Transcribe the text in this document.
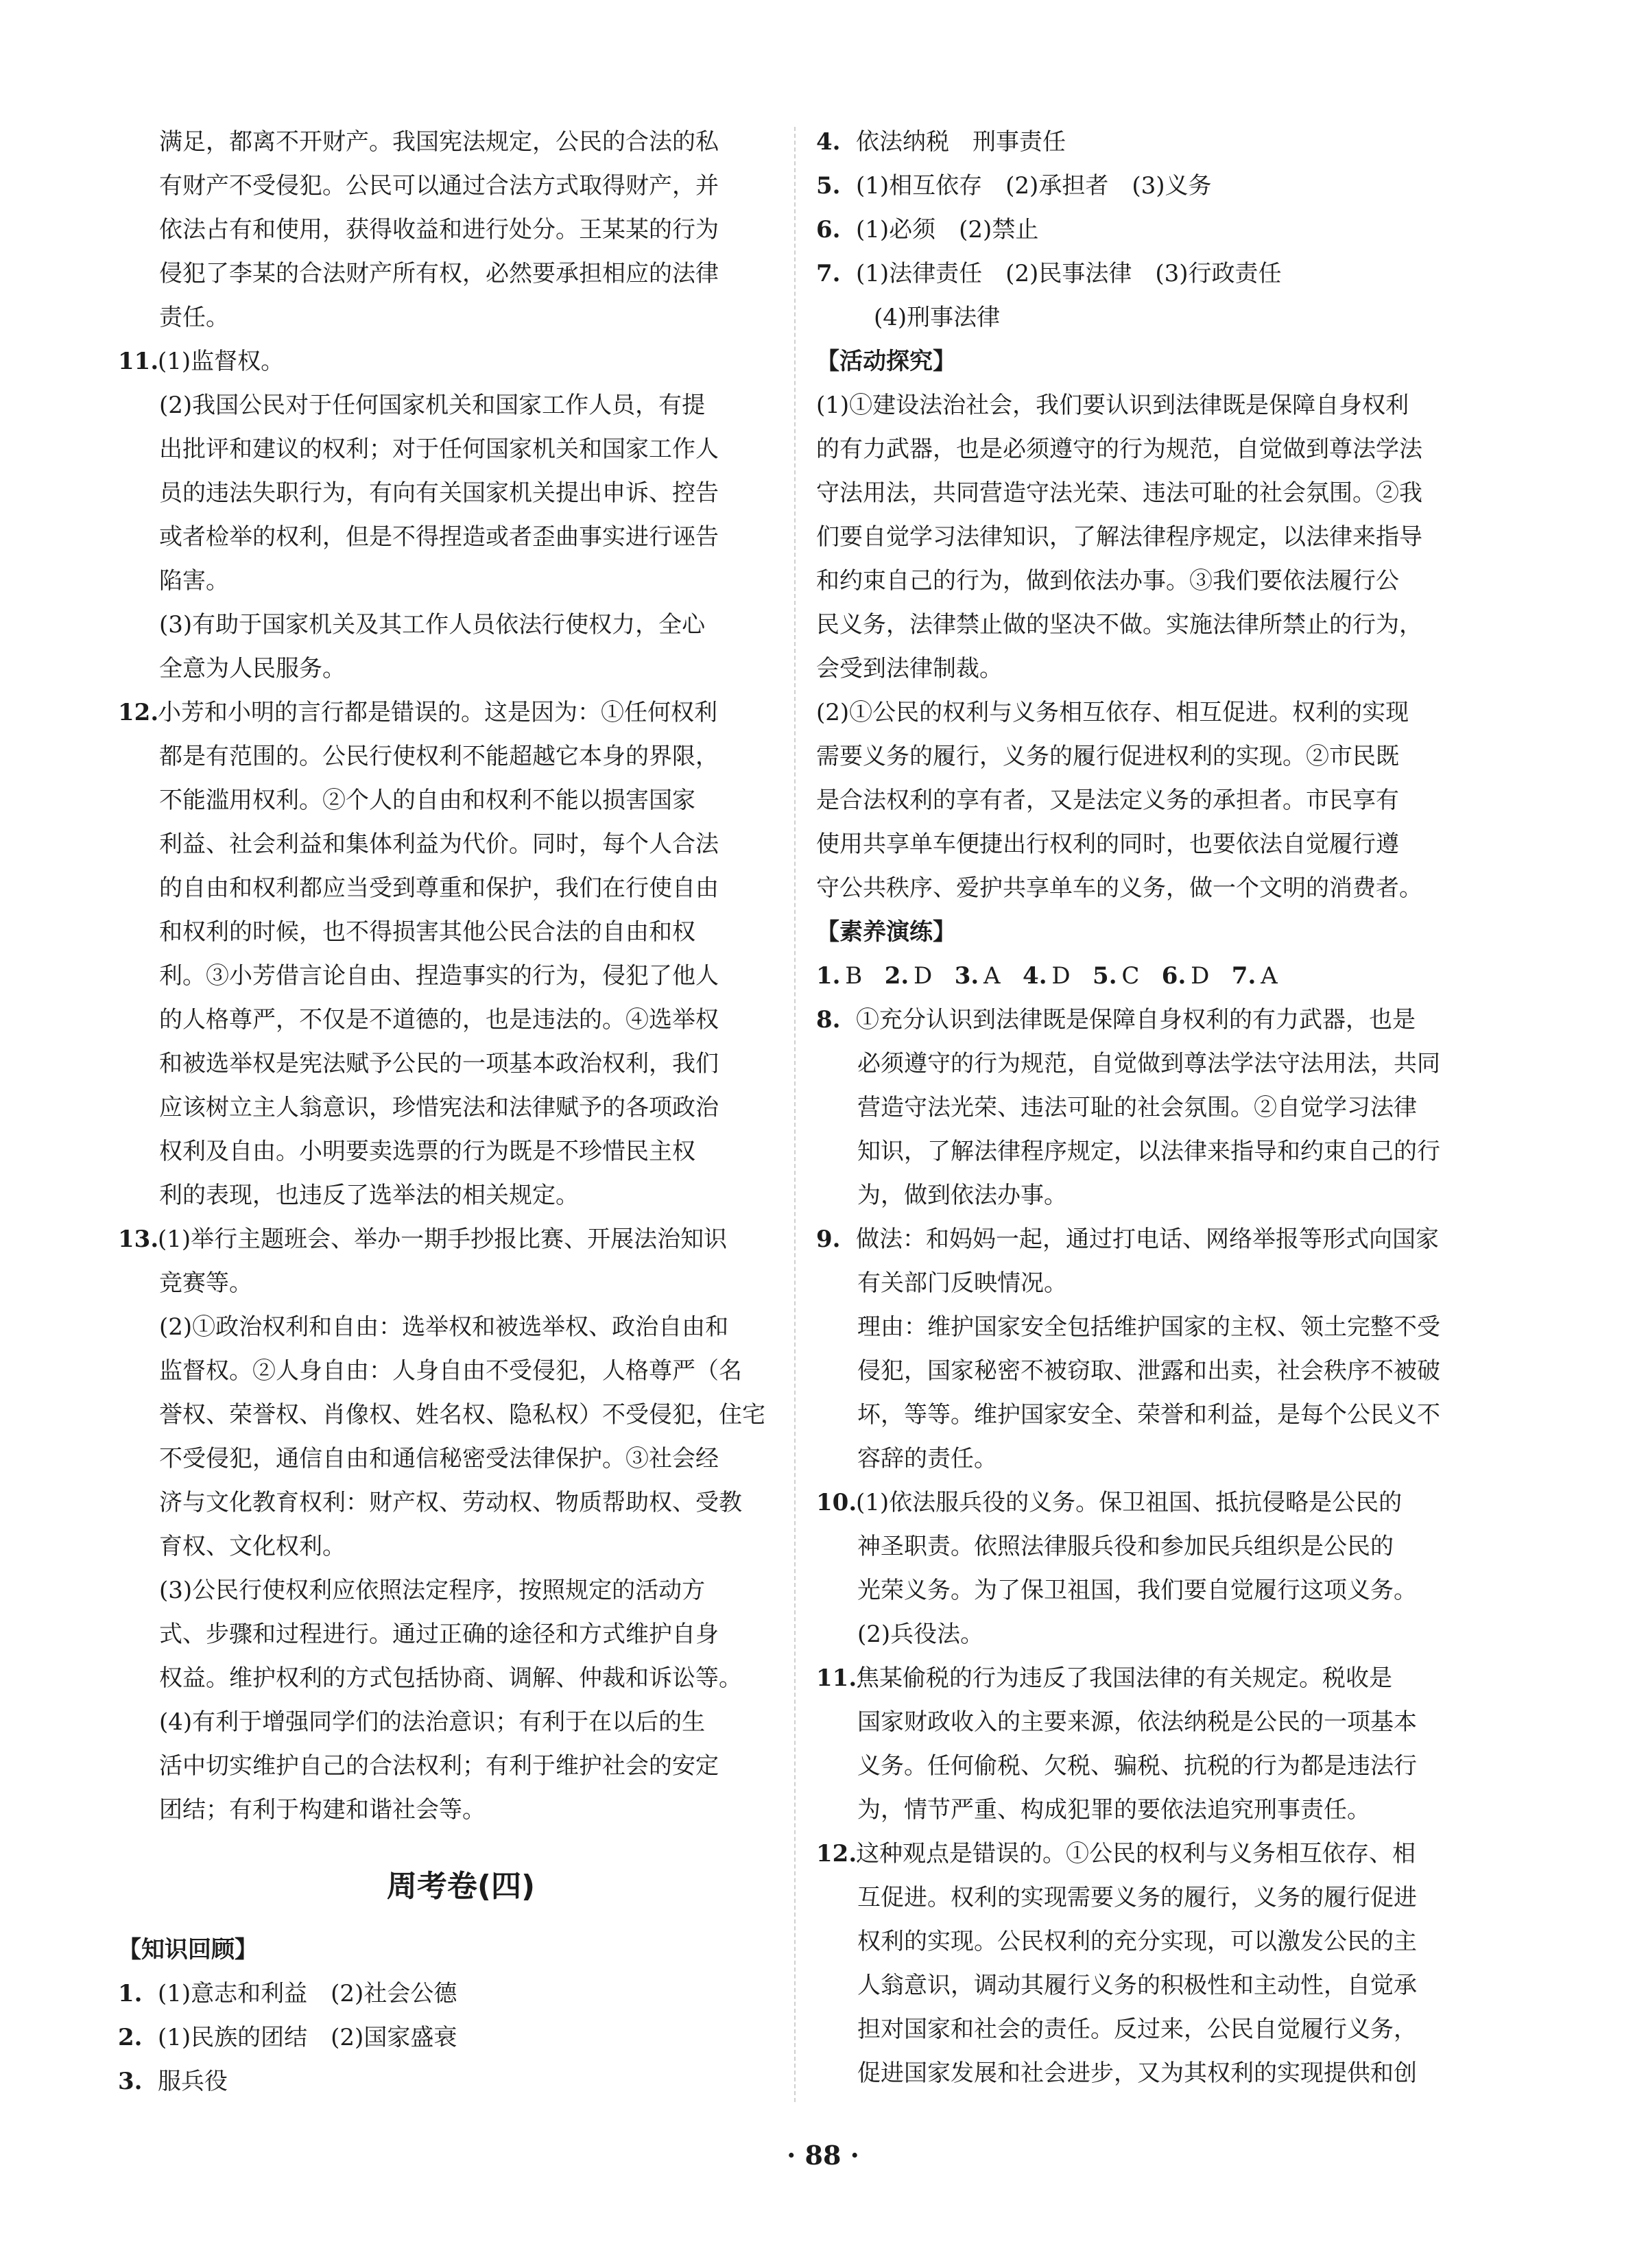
满足，都离不开财产。我国宪法规定，公民的合法的私
有财产不受侵犯。公民可以通过合法方式取得财产，并
依法占有和使用，获得收益和进行处分。王某某的行为
侵犯了李某的合法财产所有权，必然要承担相应的法律
责任。
11.(1)监督权。
(2)我国公民对于任何国家机关和国家工作人员，有提
出批评和建议的权利；对于任何国家机关和国家工作人
员的违法失职行为，有向有关国家机关提出申诉、控告
或者检举的权利，但是不得捏造或者歪曲事实进行诬告
陷害。
(3)有助于国家机关及其工作人员依法行使权力，全心
全意为人民服务。
12.小芳和小明的言行都是错误的。这是因为：①任何权利
都是有范围的。公民行使权利不能超越它本身的界限，
不能滥用权利。②个人的自由和权利不能以损害国家
利益、社会利益和集体利益为代价。同时，每个人合法
的自由和权利都应当受到尊重和保护，我们在行使自由
和权利的时候，也不得损害其他公民合法的自由和权
利。③小芳借言论自由、捏造事实的行为，侵犯了他人
的人格尊严，不仅是不道德的，也是违法的。④选举权
和被选举权是宪法赋予公民的一项基本政治权利，我们
应该树立主人翁意识，珍惜宪法和法律赋予的各项政治
权利及自由。小明要卖选票的行为既是不珍惜民主权
利的表现，也违反了选举法的相关规定。
13.(1)举行主题班会、举办一期手抄报比赛、开展法治知识
竞赛等。
(2)①政治权利和自由：选举权和被选举权、政治自由和
监督权。②人身自由：人身自由不受侵犯，人格尊严（名
誉权、荣誉权、肖像权、姓名权、隐私权）不受侵犯，住宅
不受侵犯，通信自由和通信秘密受法律保护。③社会经
济与文化教育权利：财产权、劳动权、物质帮助权、受教
育权、文化权利。
(3)公民行使权利应依照法定程序，按照规定的活动方
式、步骤和过程进行。通过正确的途径和方式维护自身
权益。维护权利的方式包括协商、调解、仲裁和诉讼等。
(4)有利于增强同学们的法治意识；有利于在以后的生
活中切实维护自己的合法权利；有利于维护社会的安定
团结；有利于构建和谐社会等。
周考卷(四)
【知识回顾】
1. (1)意志和利益　(2)社会公德
2. (1)民族的团结　(2)国家盛衰
3. 服兵役
4. 依法纳税　刑事责任
5. (1)相互依存　(2)承担者　(3)义务
6. (1)必须　(2)禁止
7. (1)法律责任　(2)民事法律　(3)行政责任
(4)刑事法律
【活动探究】
(1)①建设法治社会，我们要认识到法律既是保障自身权利
的有力武器，也是必须遵守的行为规范，自觉做到尊法学法
守法用法，共同营造守法光荣、违法可耻的社会氛围。②我
们要自觉学习法律知识，了解法律程序规定，以法律来指导
和约束自己的行为，做到依法办事。③我们要依法履行公
民义务，法律禁止做的坚决不做。实施法律所禁止的行为，
会受到法律制裁。
(2)①公民的权利与义务相互依存、相互促进。权利的实现
需要义务的履行，义务的履行促进权利的实现。②市民既
是合法权利的享有者，又是法定义务的承担者。市民享有
使用共享单车便捷出行权利的同时，也要依法自觉履行遵
守公共秩序、爱护共享单车的义务，做一个文明的消费者。
【素养演练】
1.  B 2.  D 3.  A 4.  D 5.  C 6.  D 7.  A
8. ①充分认识到法律既是保障自身权利的有力武器，也是
必须遵守的行为规范，自觉做到尊法学法守法用法，共同
营造守法光荣、违法可耻的社会氛围。②自觉学习法律
知识，了解法律程序规定，以法律来指导和约束自己的行
为，做到依法办事。
9. 做法：和妈妈一起，通过打电话、网络举报等形式向国家
有关部门反映情况。
理由：维护国家安全包括维护国家的主权、领土完整不受
侵犯，国家秘密不被窃取、泄露和出卖，社会秩序不被破
坏，等等。维护国家安全、荣誉和利益，是每个公民义不
容辞的责任。
10.(1)依法服兵役的义务。保卫祖国、抵抗侵略是公民的
神圣职责。依照法律服兵役和参加民兵组织是公民的
光荣义务。为了保卫祖国，我们要自觉履行这项义务。
(2)兵役法。
11.焦某偷税的行为违反了我国法律的有关规定。税收是
国家财政收入的主要来源，依法纳税是公民的一项基本
义务。任何偷税、欠税、骗税、抗税的行为都是违法行
为，情节严重、构成犯罪的要依法追究刑事责任。
12.这种观点是错误的。①公民的权利与义务相互依存、相
互促进。权利的实现需要义务的履行，义务的履行促进
权利的实现。公民权利的充分实现，可以激发公民的主
人翁意识，调动其履行义务的积极性和主动性，自觉承
担对国家和社会的责任。反过来，公民自觉履行义务，
促进国家发展和社会进步，又为其权利的实现提供和创
· 88 ·
